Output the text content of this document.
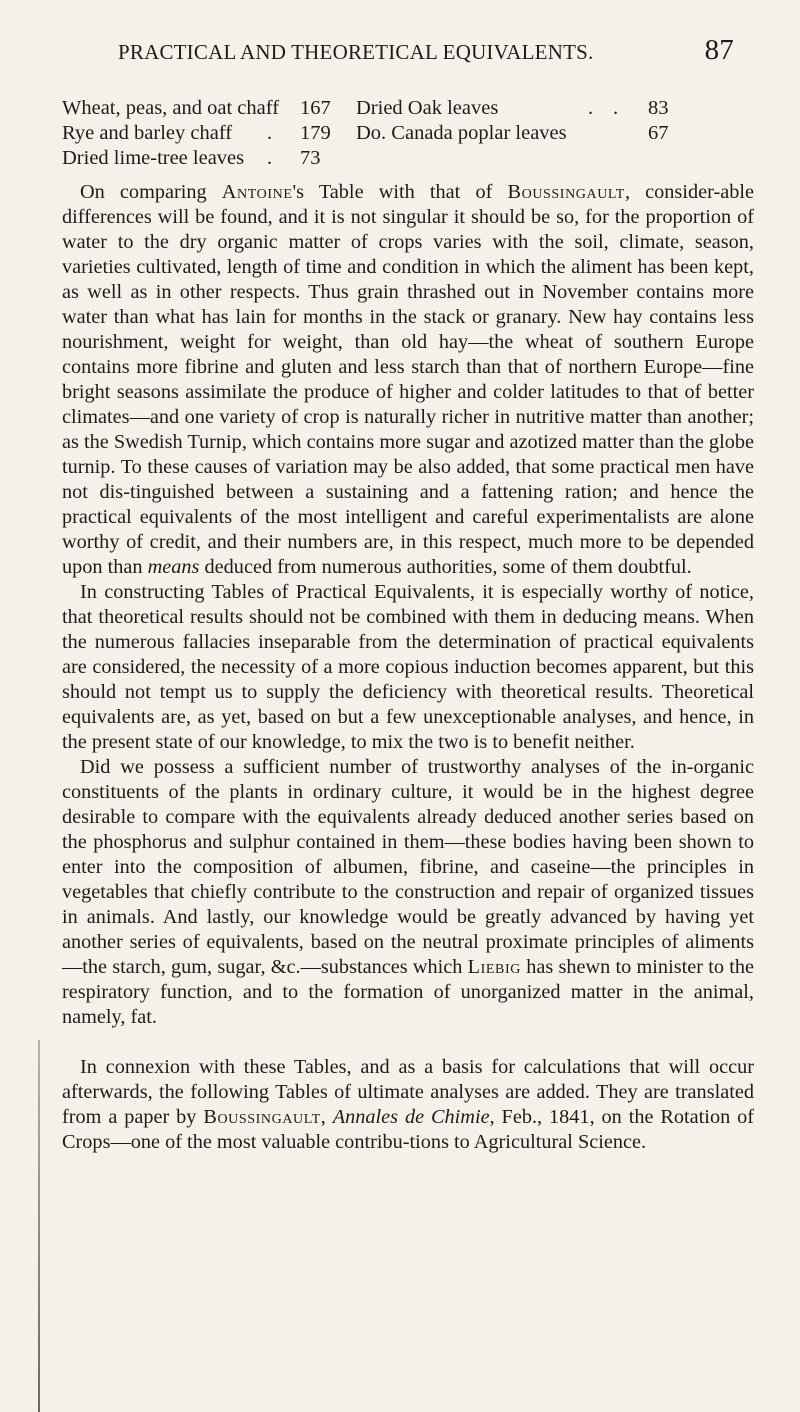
PRACTICAL AND THEORETICAL EQUIVALENTS.	87
Wheat, peas, and oat chaff 167 Dried Oak leaves	. . 83
Rye and barley chaff . 179 Do. Canada poplar leaves	67
Dried lime-tree leaves . 73

On comparing Antoine's Table with that of Boussingault, consider-able differences will be found, and it is not singular it should be so, for the proportion of water to the dry organic matter of crops varies with the soil, climate, season, varieties cultivated, length of time and condition in which the aliment has been kept, as well as in other respects. Thus grain thrashed out in November contains more water than what has lain for months in the stack or granary. New hay contains less nourishment, weight for weight, than old hay—the wheat of southern Europe contains more fibrine and gluten and less starch than that of northern Europe—fine bright seasons assimilate the produce of higher and colder latitudes to that of better climates—and one variety of crop is naturally richer in nutritive matter than another; as the Swedish Turnip, which contains more sugar and azotized matter than the globe turnip. To these causes of variation may be also added, that some practical men have not dis-tinguished between a sustaining and a fattening ration; and hence the practical equivalents of the most intelligent and careful experimentalists are alone worthy of credit, and their numbers are, in this respect, much more to be depended upon than means deduced from numerous authorities, some of them doubtful.

In constructing Tables of Practical Equivalents, it is especially worthy of notice, that theoretical results should not be combined with them in deducing means. When the numerous fallacies inseparable from the determination of practical equivalents are considered, the necessity of a more copious induction becomes apparent, but this should not tempt us to supply the deficiency with theoretical results. Theoretical equivalents are, as yet, based on but a few unexceptionable analyses, and hence, in the present state of our knowledge, to mix the two is to benefit neither.

Did we possess a sufficient number of trustworthy analyses of the in-organic constituents of the plants in ordinary culture, it would be in the highest degree desirable to compare with the equivalents already deduced another series based on the phosphorus and sulphur contained in them—these bodies having been shown to enter into the composition of albumen, fibrine, and caseine—the principles in vegetables that chiefly contribute to the construction and repair of organized tissues in animals. And lastly, our knowledge would be greatly advanced by having yet another series of equivalents, based on the neutral proximate principles of aliments—the starch, gum, sugar, &c.—substances which Liebig has shewn to minister to the respiratory function, and to the formation of unorganized matter in the animal, namely, fat.

In connexion with these Tables, and as a basis for calculations that will occur afterwards, the following Tables of ultimate analyses are added. They are translated from a paper by Boussingault, Annales de Chimie, Feb., 1841, on the Rotation of Crops—one of the most valuable contribu-tions to Agricultural Science.
